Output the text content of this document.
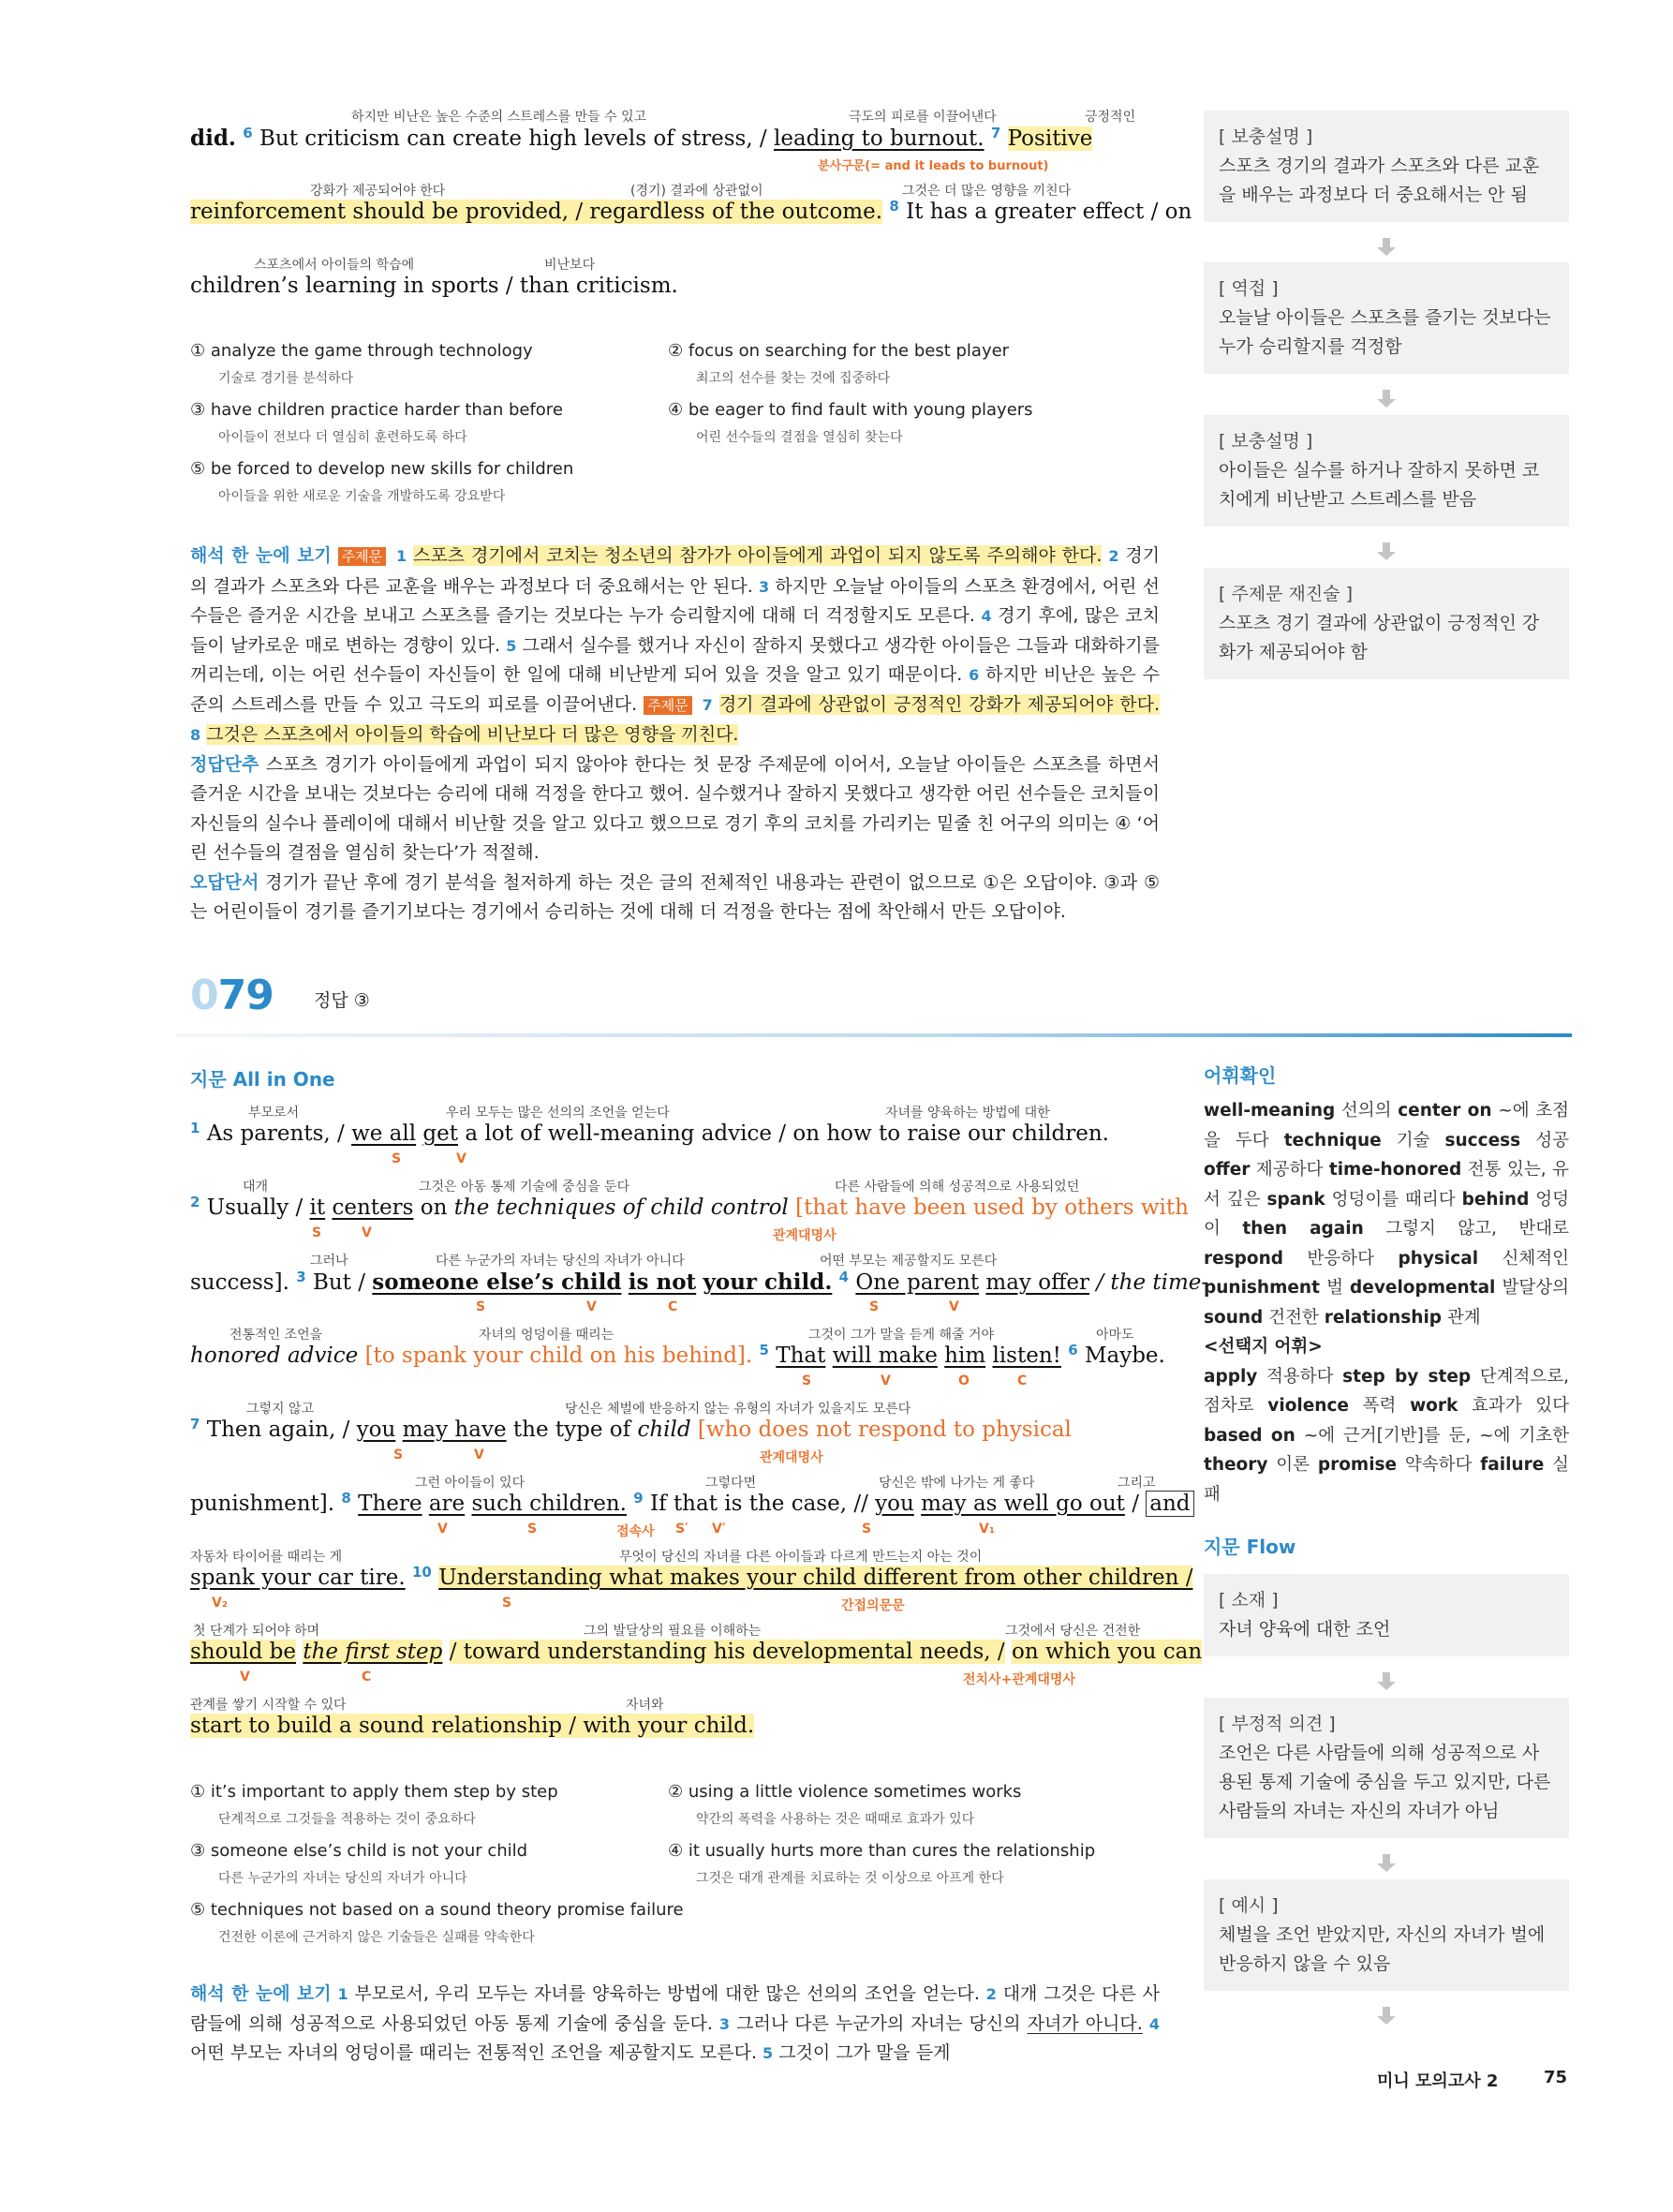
하지만 비난은 높은 수준의 스트레스를 만들 수 있고	극도의 피로를 이끌어낸다	긍정적인
did. $^6$ But criticism can create high levels of stress, / leading to burnout. $^7$ Positive
분사구문(= and it leads to burnout)
강화가 제공되어야 한다	(경기) 결과에 상관없이	그것은 더 많은 영향을 끼친다
reinforcement should be provided, / regardless of the outcome. $^8$ It has a greater effect / on
스포츠에서 아이들의 학습에	비난보다
children’s learning in sports / than criticism.
① analyze the game through technology
기술로 경기를 분석하다
② focus on searching for the best player
최고의 선수를 찾는 것에 집중하다
③ have children practice harder than before
아이들이 전보다 더 열심히 훈련하도록 하다
④ be eager to find fault with young players
어린 선수들의 결점을 열심히 찾는다
⑤ be forced to develop new skills for children
아이들을 위한 새로운 기술을 개발하도록 강요받다
해석 한 눈에 보기 주제문 1 스포츠 경기에서 코치는 청소년의 참가가 아이들에게 과업이 되지 않도록 주의해야 한다. 2 경기의 결과가 스포츠와 다른 교훈을 배우는 과정보다 더 중요해서는 안 된다. 3 하지만 오늘날 아이들의 스포츠 환경에서, 어린 선수들은 즐거운 시간을 보내고 스포츠를 즐기는 것보다는 누가 승리할지에 대해 더 걱정할지도 모른다. 4 경기 후에, 많은 코치들이 날카로운 매로 변하는 경향이 있다. 5 그래서 실수를 했거나 자신이 잘하지 못했다고 생각한 아이들은 그들과 대화하기를 꺼리는데, 이는 어린 선수들이 자신들이 한 일에 대해 비난받게 되어 있을 것을 알고 있기 때문이다. 6 하지만 비난은 높은 수준의 스트레스를 만들 수 있고 극도의 피로를 이끌어낸다. 주제문 7 경기 결과에 상관없이 긍정적인 강화가 제공되어야 한다. 8 그것은 스포츠에서 아이들의 학습에 비난보다 더 많은 영향을 끼친다.
정답단추 스포츠 경기가 아이들에게 과업이 되지 않아야 한다는 첫 문장 주제문에 이어서, 오늘날 아이들은 스포츠를 하면서 즐거운 시간을 보내는 것보다는 승리에 대해 걱정을 한다고 했어. 실수했거나 잘하지 못했다고 생각한 어린 선수들은 코치들이 자신들의 실수나 플레이에 대해서 비난할 것을 알고 있다고 했으므로 경기 후의 코치를 가리키는 밑줄 친 어구의 의미는 ④ ‘어린 선수들의 결점을 열심히 찾는다’가 적절해.
오답단서 경기가 끝난 후에 경기 분석을 철저하게 하는 것은 글의 전체적인 내용과는 관련이 없으므로 ①은 오답이야. ③과 ⑤는 어린이들이 경기를 즐기기보다는 경기에서 승리하는 것에 대해 더 걱정을 한다는 점에 착안해서 만든 오답이야.
079 정답 ③
지문 All in One
부모로서	우리 모두는 많은 선의의 조언을 얻는다	자녀를 양육하는 방법에 대한
$^1$ As parents, / we all get a lot of well-meaning advice / on how to raise our children.
S	V
대개	그것은 아동 통제 기술에 중심을 둔다	다른 사람들에 의해 성공적으로 사용되었던
$^2$ Usually / it centers on the techniques of child control [that have been used by others with
S	V	관계대명사
그러나	다른 누군가의 자녀는 당신의 자녀가 아니다	어떤 부모는 제공할지도 모른다
success]. $^3$ But / someone else’s child is not your child. $^4$ One parent may offer / the time-
S	V	C	S	V
전통적인 조언을	자녀의 엉덩이를 때리는	그것이 그가 말을 듣게 해줄 거야	아마도
honored advice [to spank your child on his behind]. $^5$ That will make him listen! $^6$ Maybe.
S	V	O	C
그렇지 않고	당신은 체벌에 반응하지 않는 유형의 자녀가 있을지도 모른다
$^7$ Then again, / you may have the type of child [who does not respond to physical
S	V	관계대명사
그런 아이들이 있다	그렇다면	당신은 밖에 나가는 게 좋다	그리고
punishment]. $^8$ There are such children. $^9$ If that is the case, // you may as well go out / and
V	S	접속사 S′ V′	S	V₁
자동차 타이어를 때리는 게	무엇이 당신의 자녀를 다른 아이들과 다르게 만드는지 아는 것이
spank your car tire. $^{10}$ Understanding what makes your child different from other children /
V₂	S	간접의문문
첫 단계가 되어야 하며	그의 발달상의 필요를 이해하는	그것에서 당신은 건전한
should be the first step / toward understanding his developmental needs, / on which you can
V	C	전치사+관계대명사
관계를 쌓기 시작할 수 있다	자녀와
start to build a sound relationship / with your child.
① it’s important to apply them step by step
단계적으로 그것들을 적용하는 것이 중요하다
② using a little violence sometimes works
약간의 폭력을 사용하는 것은 때때로 효과가 있다
③ someone else’s child is not your child
다른 누군가의 자녀는 당신의 자녀가 아니다
④ it usually hurts more than cures the relationship
그것은 대개 관계를 치료하는 것 이상으로 아프게 한다
⑤ techniques not based on a sound theory promise failure
건전한 이론에 근거하지 않은 기술들은 실패를 약속한다
해석 한 눈에 보기 1 부모로서, 우리 모두는 자녀를 양육하는 방법에 대한 많은 선의의 조언을 얻는다. 2 대개 그것은 다른 사람들에 의해 성공적으로 사용되었던 아동 통제 기술에 중심을 둔다. 3 그러나 다른 누군가의 자녀는 당신의 자녀가 아니다. 4 어떤 부모는 자녀의 엉덩이를 때리는 전통적인 조언을 제공할지도 모른다. 5 그것이 그가 말을 듣게
[ 보충설명 ]
스포츠 경기의 결과가 스포츠와 다른 교훈을 배우는 과정보다 더 중요해서는 안 됨
[ 역접 ]
오늘날 아이들은 스포츠를 즐기는 것보다는 누가 승리할지를 걱정함
[ 보충설명 ]
아이들은 실수를 하거나 잘하지 못하면 코치에게 비난받고 스트레스를 받음
[ 주제문 재진술 ]
스포츠 경기 결과에 상관없이 긍정적인 강화가 제공되어야 함
어휘확인
well-meaning 선의의 center on ~에 초점을 두다 technique 기술 success 성공 offer 제공하다 time-honored 전통 있는, 유서 깊은 spank 엉덩이를 때리다 behind 엉덩이 then again 그렇지 않고, 반대로 respond 반응하다 physical 신체적인 punishment 벌 developmental 발달상의 sound 건전한 relationship 관계
<선택지 어휘>
apply 적용하다 step by step 단계적으로, 점차로 violence 폭력 work 효과가 있다 based on ~에 근거[기반]를 둔, ~에 기초한 theory 이론 promise 약속하다 failure 실패
지문 Flow
[ 소재 ]
자녀 양육에 대한 조언
[ 부정적 의견 ]
조언은 다른 사람들에 의해 성공적으로 사용된 통제 기술에 중심을 두고 있지만, 다른 사람들의 자녀는 자신의 자녀가 아님
[ 예시 ]
체벌을 조언 받았지만, 자신의 자녀가 벌에 반응하지 않을 수 있음
미니 모의고사 2	75
